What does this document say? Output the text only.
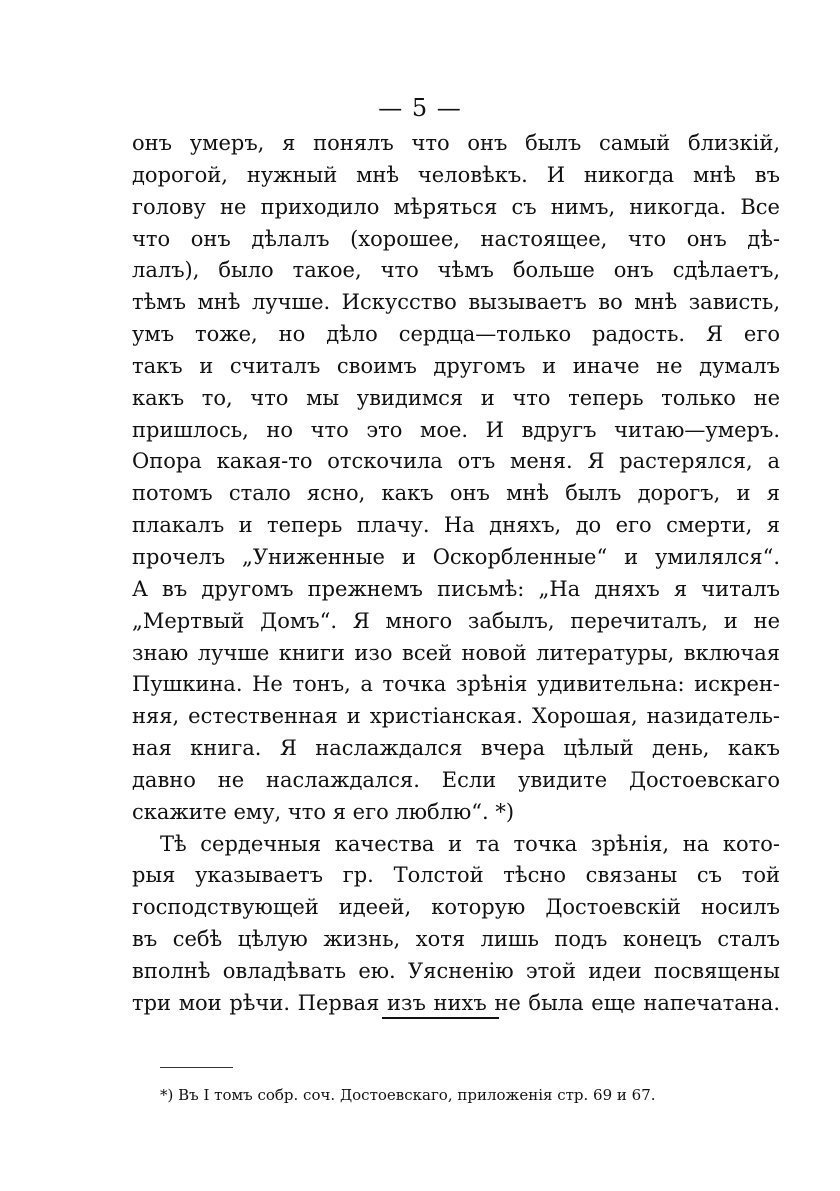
— 5 —
онъ умеръ, я понялъ что онъ былъ самый близкій,
дорогой, нужный мнѣ человѣкъ. И никогда мнѣ въ
голову не приходило мѣряться съ нимъ, никогда. Все
что онъ дѣлалъ (хорошее, настоящее, что онъ дѣ-
лалъ), было такое, что чѣмъ больше онъ сдѣлаетъ,
тѣмъ мнѣ лучше. Искусство вызываетъ во мнѣ зависть,
умъ тоже, но дѣло сердца—только радость. Я его
такъ и считалъ своимъ другомъ и иначе не думалъ
какъ то, что мы увидимся и что теперь только не
пришлось, но что это мое. И вдругъ читаю—умеръ.
Опора какая-то отскочила отъ меня. Я растерялся, а
потомъ стало ясно, какъ онъ мнѣ былъ дорогъ, и я
плакалъ и теперь плачу. На дняхъ, до его смерти, я
прочелъ „Униженные и Оскорбленные“ и умилялся“.
А въ другомъ прежнемъ письмѣ: „На дняхъ я читалъ
„Мертвый Домъ“. Я много забылъ, перечиталъ, и не
знаю лучше книги изо всей новой литературы, включая
Пушкина. Не тонъ, а точка зрѣнія удивительна: искрен-
няя, естественная и христіанская. Хорошая, назидатель-
ная книга. Я наслаждался вчера цѣлый день, какъ
давно не наслаждался. Если увидите Достоевскаго
скажите ему, что я его люблю“. *)
Тѣ сердечныя качества и та точка зрѣнія, на кото-
рыя указываетъ гр. Толстой тѣсно связаны съ той
господствующей идеей, которую Достоевскій носилъ
въ себѣ цѣлую жизнь, хотя лишь подъ конецъ сталъ
вполнѣ овладѣвать ею. Уясненію этой идеи посвящены
три мои рѣчи. Первая изъ нихъ не была еще напечатана.
*) Въ I томъ собр. соч. Достоевскаго, приложенія стр. 69 и 67.
